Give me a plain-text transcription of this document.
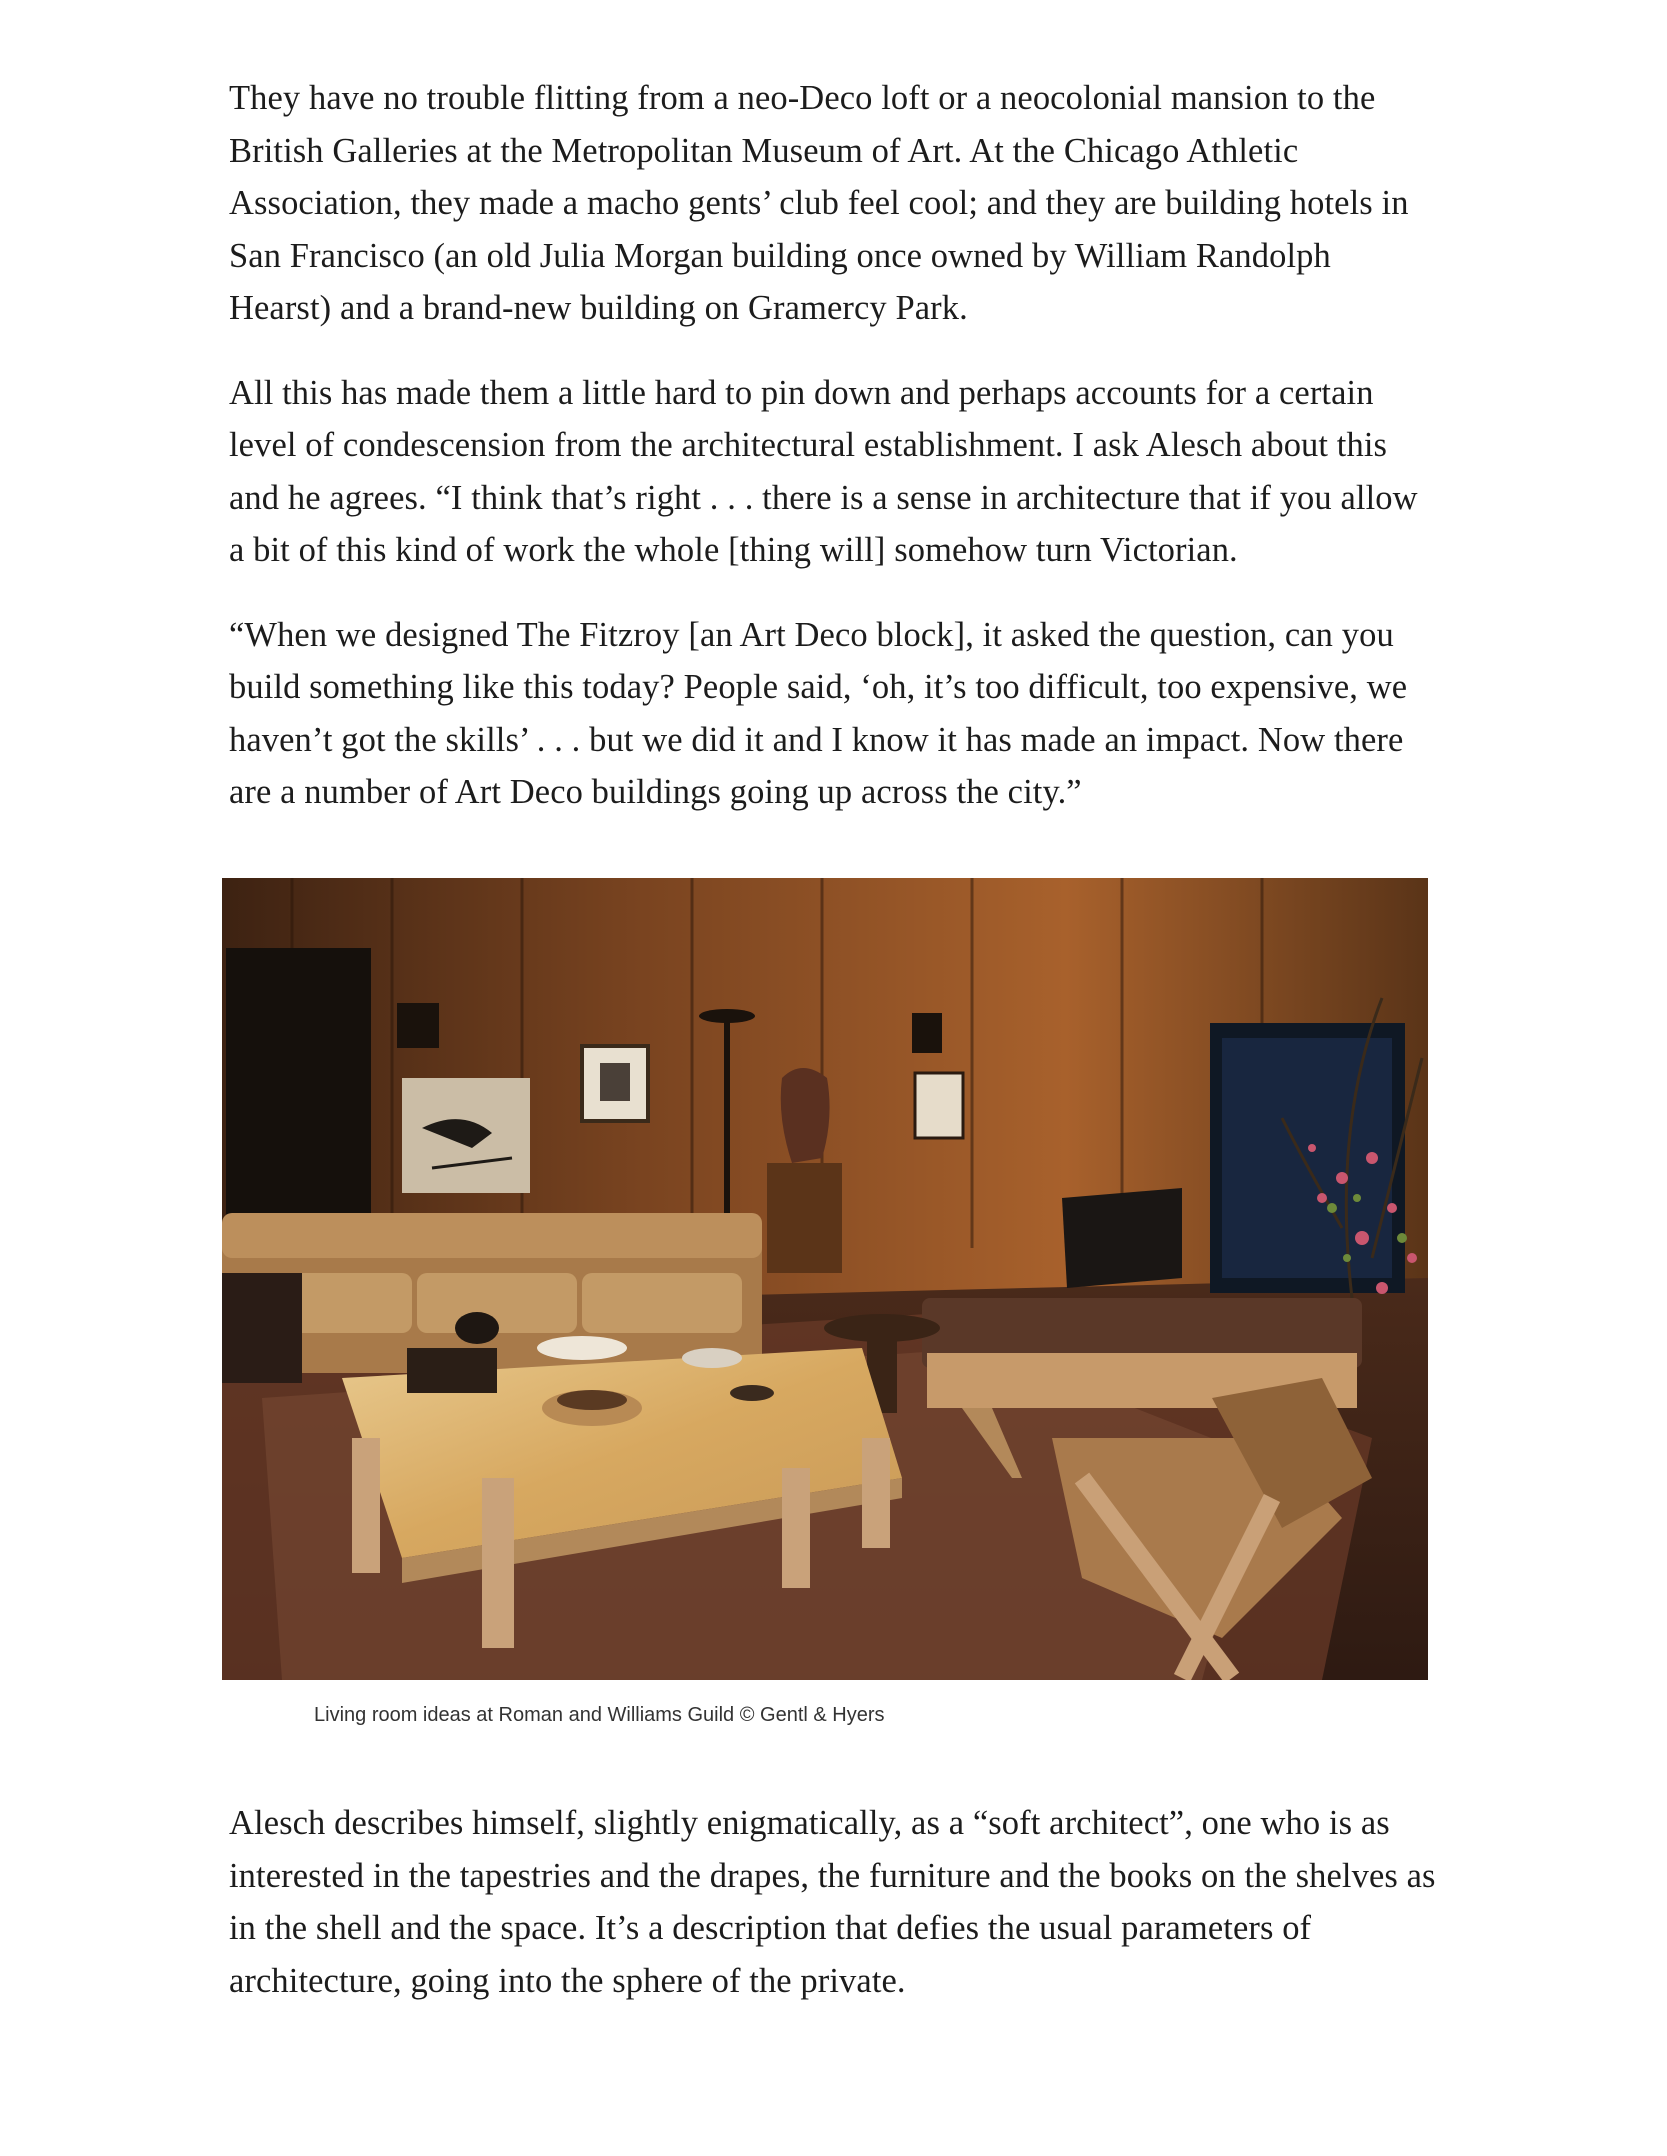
They have no trouble flitting from a neo-Deco loft or a neocolonial mansion to the British Galleries at the Metropolitan Museum of Art. At the Chicago Athletic Association, they made a macho gents’ club feel cool; and they are building hotels in San Francisco (an old Julia Morgan building once owned by William Randolph Hearst) and a brand-new building on Gramercy Park.

All this has made them a little hard to pin down and perhaps accounts for a certain level of condescension from the architectural establishment. I ask Alesch about this and he agrees. “I think that’s right . . . there is a sense in architecture that if you allow a bit of this kind of work the whole [thing will] somehow turn Victorian.

“When we designed The Fitzroy [an Art Deco block], it asked the question, can you build something like this today? People said, ‘oh, it’s too difficult, too expensive, we haven’t got the skills’ . . . but we did it and I know it has made an impact. Now there are a number of Art Deco buildings going up across the city.”

Living room ideas at Roman and Williams Guild © Gentl & Hyers

Alesch describes himself, slightly enigmatically, as a “soft architect”, one who is as interested in the tapestries and the drapes, the furniture and the books on the shelves as in the shell and the space. It’s a description that defies the usual parameters of architecture, going into the sphere of the private.
